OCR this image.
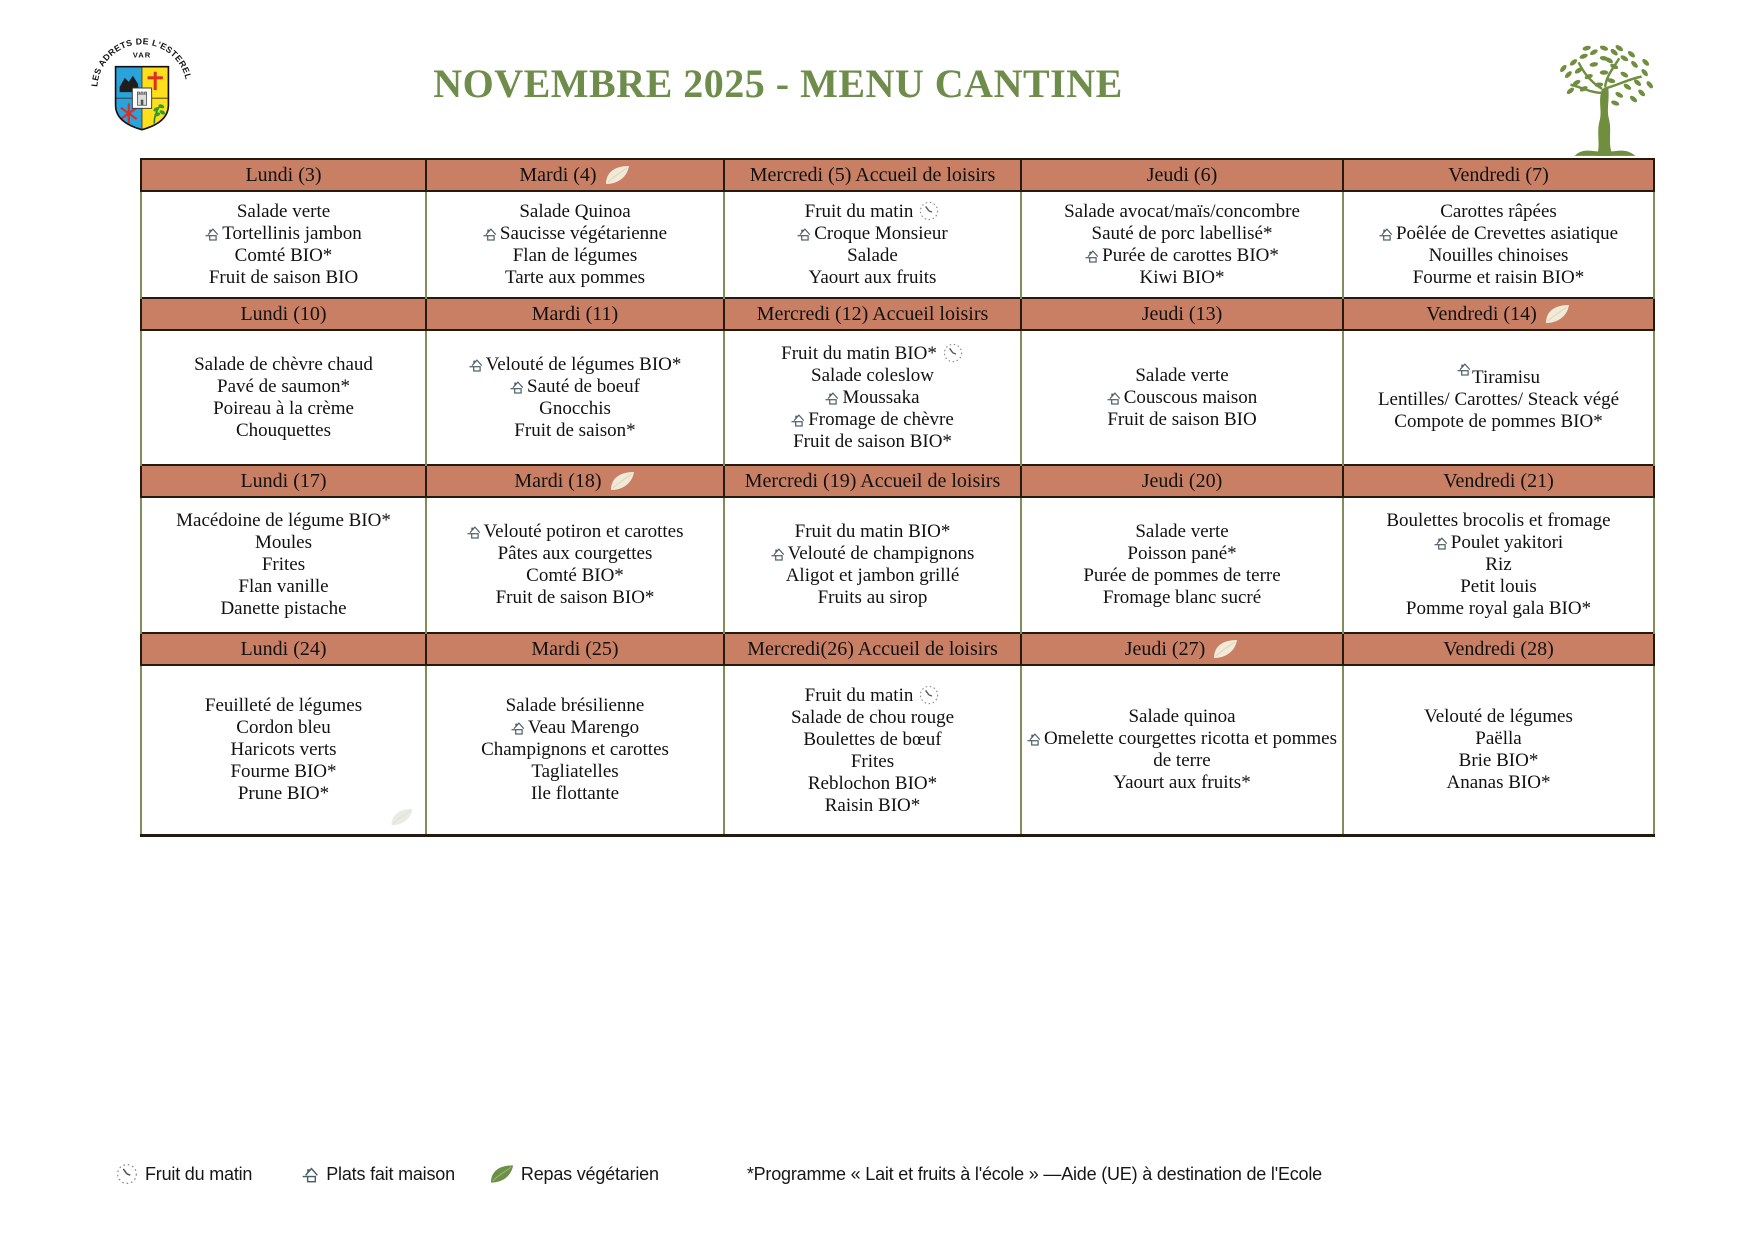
LES ADRETS DE L'ESTEREL
VAR
NOVEMBRE 2025 - MENU CANTINE
Lundi (3)	Mardi (4)	Mercredi (5) Accueil de loisirs	Jeudi (6)	Vendredi (7)

Salade verte
Tortellinis jambon
Comté BIO*
Fruit de saison BIO

Salade Quinoa
Saucisse végétarienne
Flan de légumes
Tarte aux pommes

Fruit du matin
Croque Monsieur
Salade
Yaourt aux fruits

Salade avocat/maïs/concombre
Sauté de porc labellisé*
Purée de carottes BIO*
Kiwi BIO*

Carottes râpées
Poêlée de Crevettes asiatique
Nouilles chinoises
Fourme et raisin BIO*

Lundi (10)	Mardi (11)	Mercredi (12) Accueil loisirs	Jeudi (13)	Vendredi (14)

Salade de chèvre chaud
Pavé de saumon*
Poireau à la crème
Chouquettes

Velouté de légumes BIO*
Sauté de boeuf
Gnocchis
Fruit de saison*

Fruit du matin BIO*
Salade coleslow
Moussaka
Fromage de chèvre
Fruit de saison BIO*

Salade verte
Couscous maison
Fruit de saison BIO

Tiramisu
Lentilles/ Carottes/ Steack végé
Compote de pommes BIO*

Lundi (17)	Mardi (18)	Mercredi (19) Accueil de loisirs	Jeudi (20)	Vendredi (21)

Macédoine de légume BIO*
Moules
Frites
Flan vanille
Danette pistache

Velouté potiron et carottes
Pâtes aux courgettes
Comté BIO*
Fruit de saison BIO*

Fruit du matin BIO*
Velouté de champignons
Aligot et jambon grillé
Fruits au sirop

Salade verte
Poisson pané*
Purée de pommes de terre
Fromage blanc sucré

Boulettes brocolis et fromage
Poulet yakitori
Riz
Petit louis
Pomme royal gala BIO*

Lundi (24)	Mardi (25)	Mercredi(26) Accueil de loisirs	Jeudi (27)	Vendredi (28)

Feuilleté de légumes
Cordon bleu
Haricots verts
Fourme BIO*
Prune BIO*

Salade brésilienne
Veau Marengo
Champignons et carottes
Tagliatelles
Ile flottante

Fruit du matin
Salade de chou rouge
Boulettes de bœuf
Frites
Reblochon BIO*
Raisin BIO*

Salade quinoa
Omelette courgettes ricotta et pommes de terre
Yaourt aux fruits*

Velouté de légumes
Paëlla
Brie BIO*
Ananas BIO*
Fruit du matin	Plats fait maison	Repas végétarien	*Programme « Lait et fruits à l'école » —Aide (UE) à destination de l'Ecole
